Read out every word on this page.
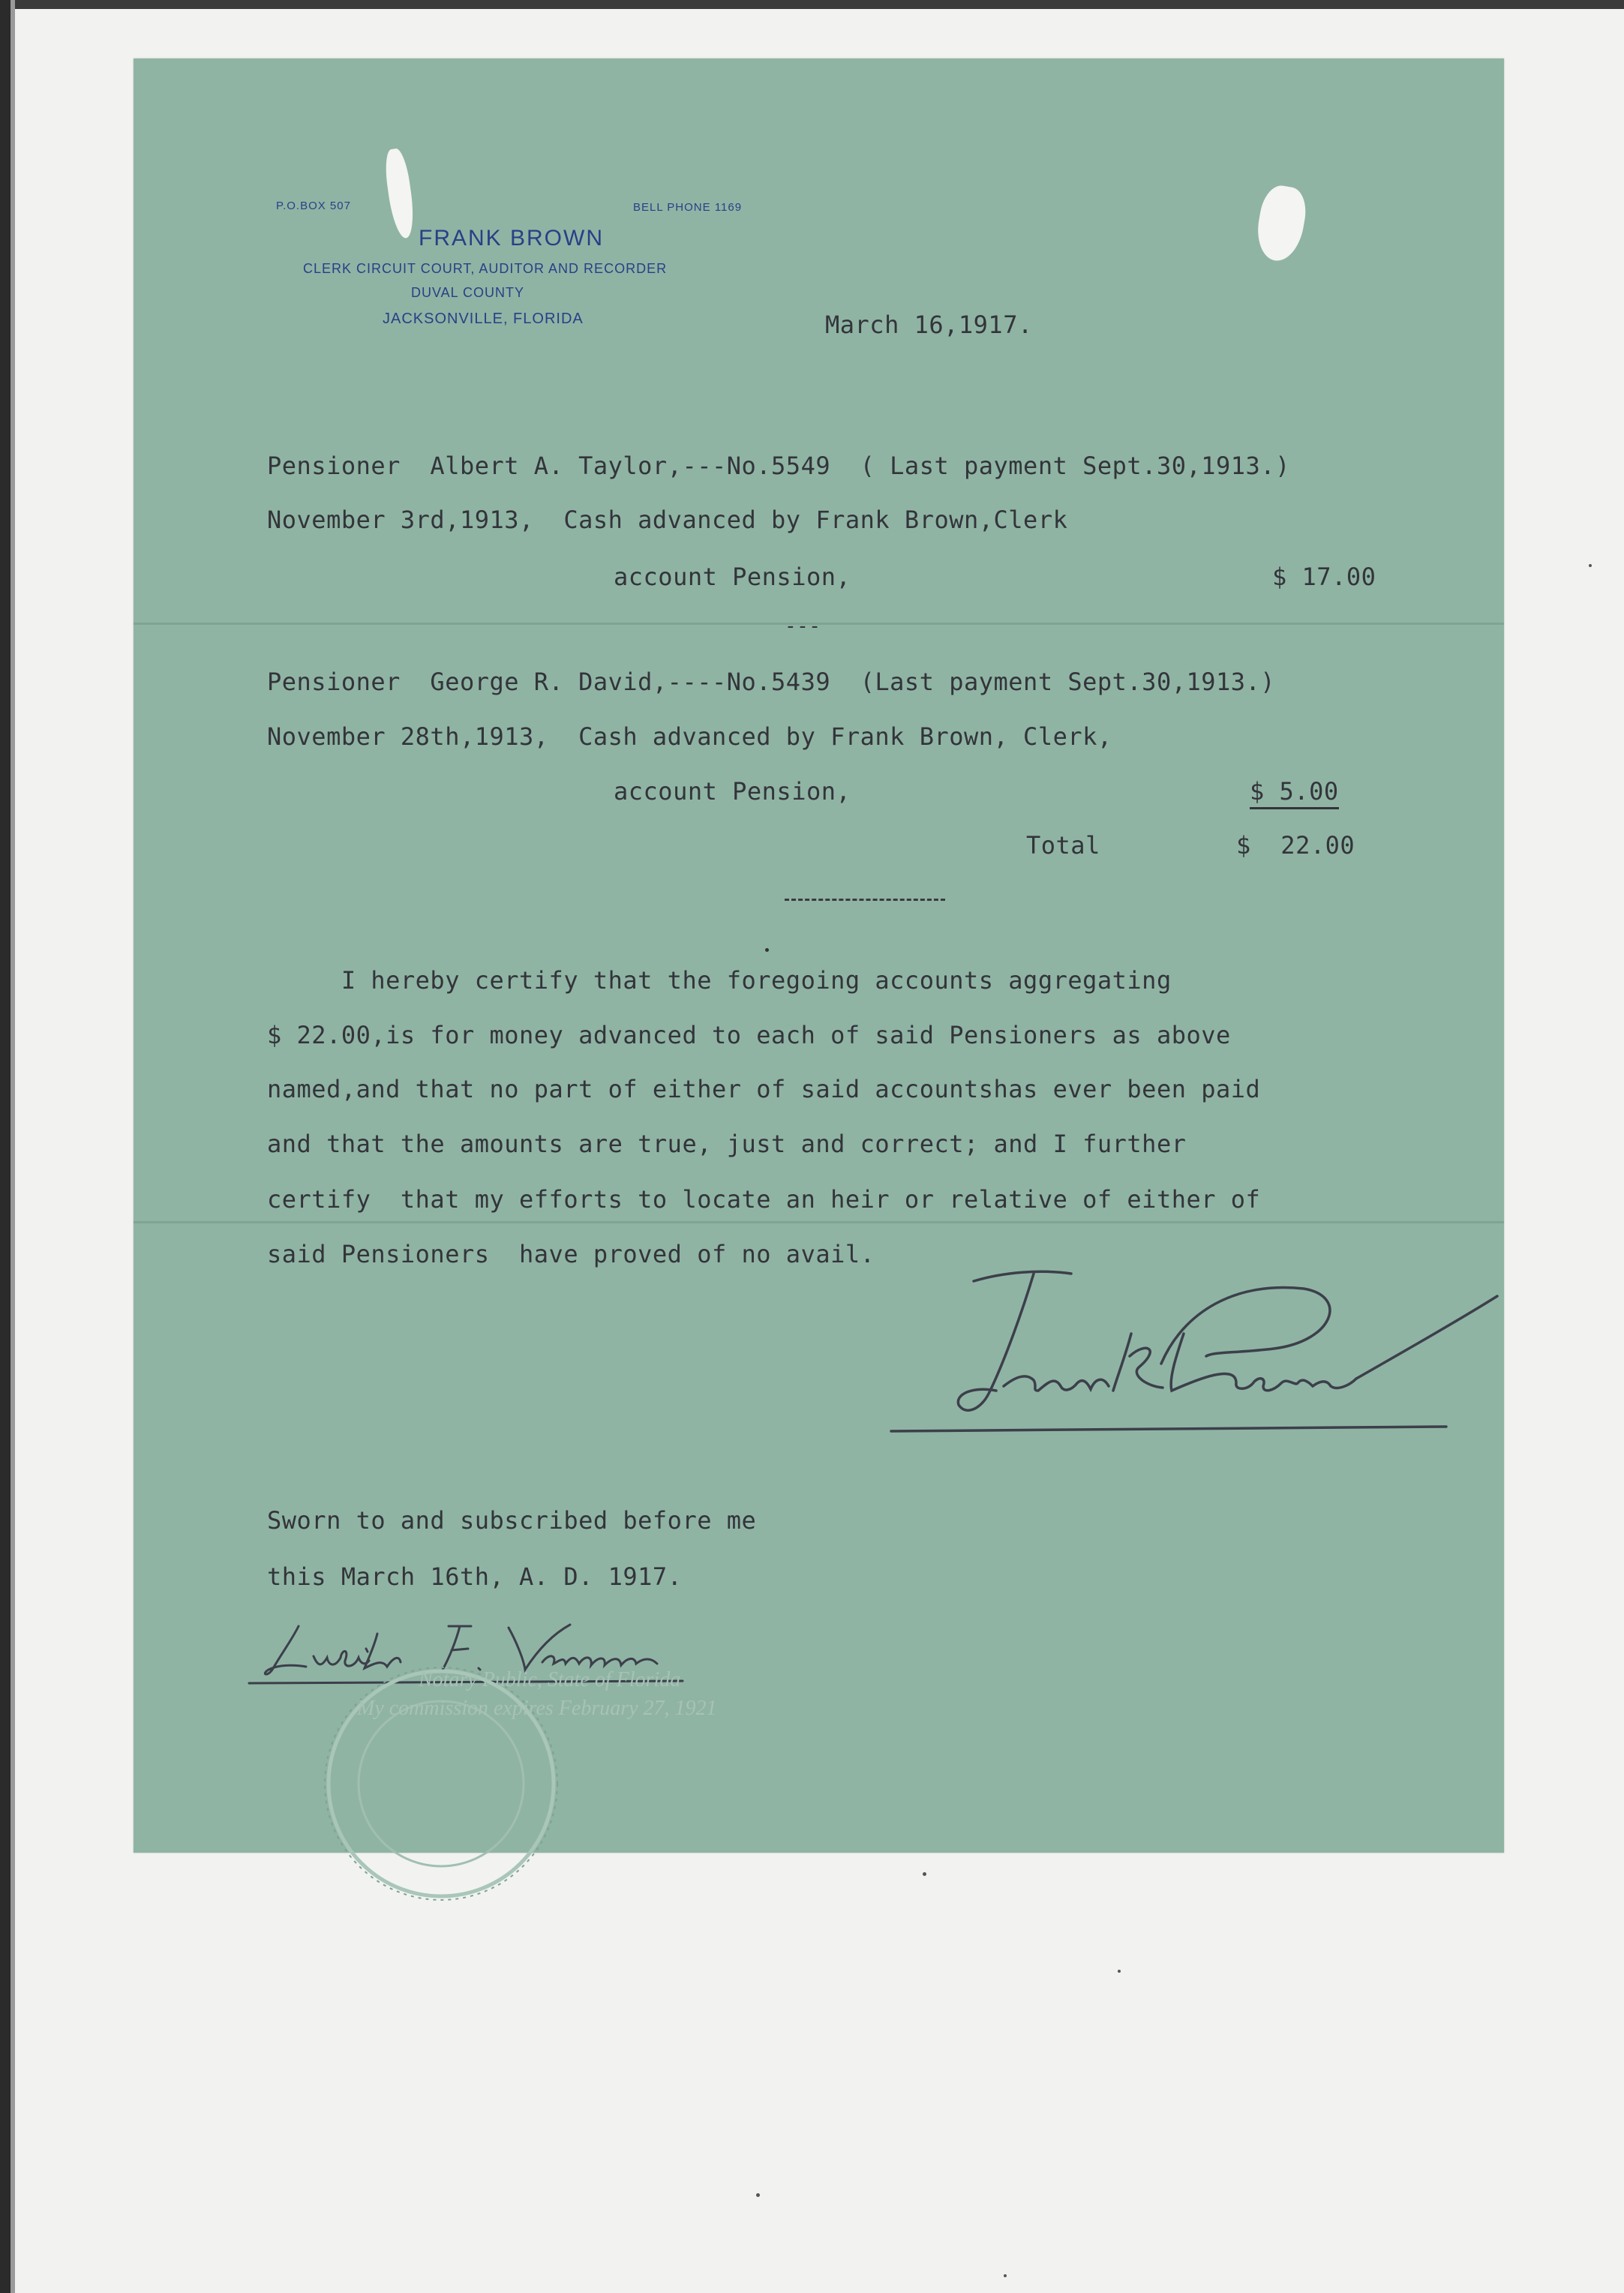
P.O.BOX 507	BELL PHONE 1169
FRANK BROWN
CLERK CIRCUIT COURT, AUDITOR AND RECORDER
DUVAL COUNTY
JACKSONVILLE, FLORIDA	March 16,1917.
Pensioner  Albert A. Taylor,---No.5549  ( Last payment Sept.30,1913.)
November 3rd,1913,  Cash advanced by Frank Brown,Clerk
account Pension,	$ 17.00
---
Pensioner  George R. David,----No.5439  (Last payment Sept.30,1913.)
November 28th,1913,  Cash advanced by Frank Brown, Clerk,
account Pension,	$ 5.00
Total	$  22.00
I hereby certify that the foregoing accounts aggregating
$ 22.00,is for money advanced to each of said Pensioners as above
named,and that no part of either of said accountshas ever been paid
and that the amounts are true, just and correct; and I further
certify  that my efforts to locate an heir or relative of either of
said Pensioners  have proved of no avail.
Sworn to and subscribed before me
this March 16th, A. D. 1917.
Notary Public, State of Florida
My commission expires February 27, 1921
